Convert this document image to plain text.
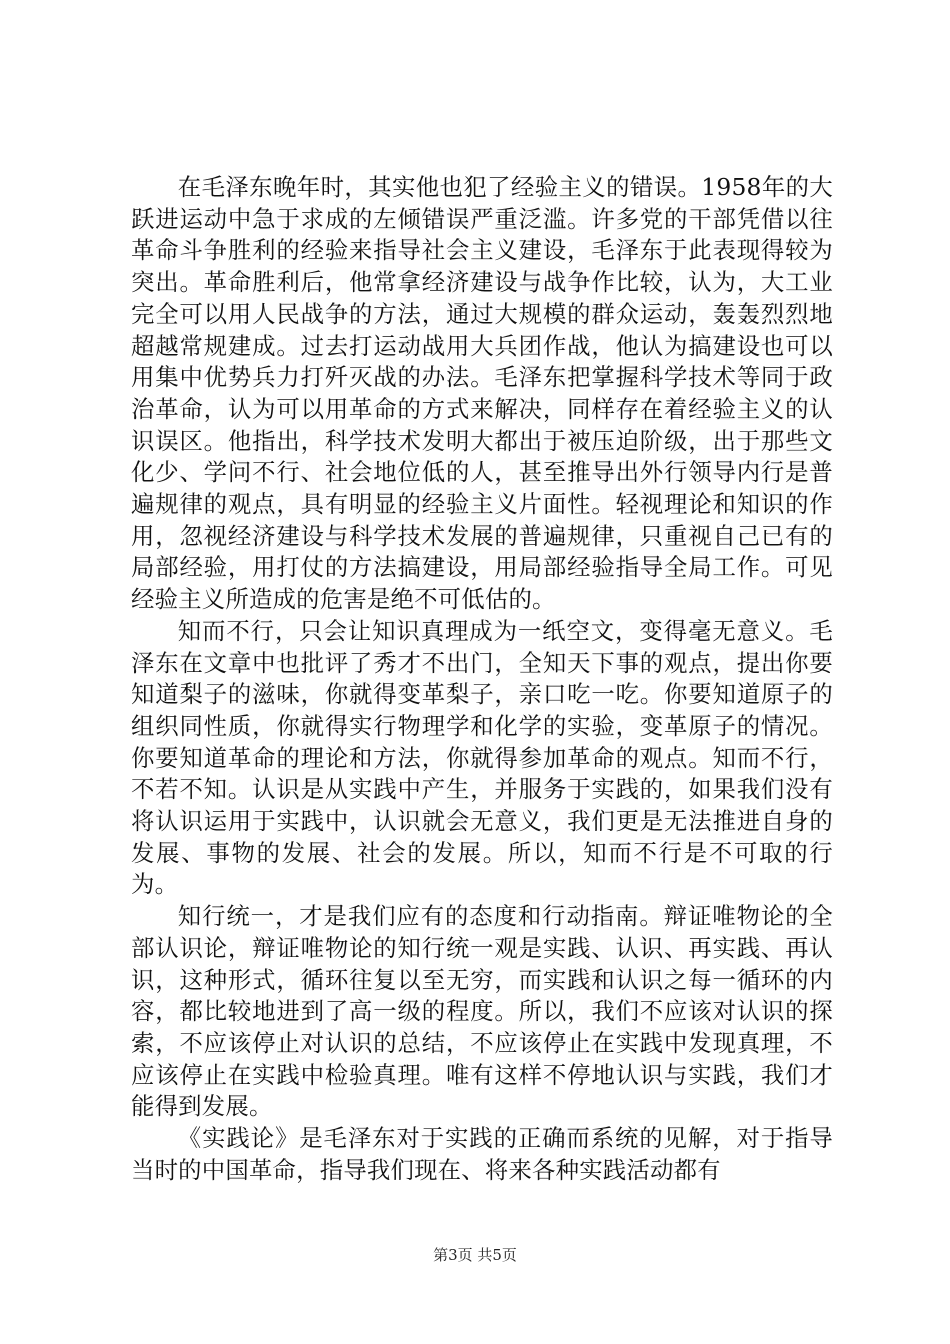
在毛泽东晚年时，其实他也犯了经验主义的错误。1958年的大跃进运动中急于求成的左倾错误严重泛滥。许多党的干部凭借以往革命斗争胜利的经验来指导社会主义建设，毛泽东于此表现得较为突出。革命胜利后，他常拿经济建设与战争作比较，认为，大工业完全可以用人民战争的方法，通过大规模的群众运动，轰轰烈烈地超越常规建成。过去打运动战用大兵团作战，他认为搞建设也可以用集中优势兵力打歼灭战的办法。毛泽东把掌握科学技术等同于政治革命，认为可以用革命的方式来解决，同样存在着经验主义的认识误区。他指出，科学技术发明大都出于被压迫阶级，出于那些文化少、学问不行、社会地位低的人，甚至推导出外行领导内行是普遍规律的观点，具有明显的经验主义片面性。轻视理论和知识的作用，忽视经济建设与科学技术发展的普遍规律，只重视自己已有的局部经验，用打仗的方法搞建设，用局部经验指导全局工作。可见经验主义所造成的危害是绝不可低估的。

知而不行，只会让知识真理成为一纸空文，变得毫无意义。毛泽东在文章中也批评了秀才不出门，全知天下事的观点，提出你要知道梨子的滋味，你就得变革梨子，亲口吃一吃。你要知道原子的组织同性质，你就得实行物理学和化学的实验，变革原子的情况。你要知道革命的理论和方法，你就得参加革命的观点。知而不行，不若不知。认识是从实践中产生，并服务于实践的，如果我们没有将认识运用于实践中，认识就会无意义，我们更是无法推进自身的发展、事物的发展、社会的发展。所以，知而不行是不可取的行为。

知行统一，才是我们应有的态度和行动指南。辩证唯物论的全部认识论，辩证唯物论的知行统一观是实践、认识、再实践、再认识，这种形式，循环往复以至无穷，而实践和认识之每一循环的内容，都比较地进到了高一级的程度。所以，我们不应该对认识的探索，不应该停止对认识的总结，不应该停止在实践中发现真理，不应该停止在实践中检验真理。唯有这样不停地认识与实践，我们才能得到发展。

《实践论》是毛泽东对于实践的正确而系统的见解，对于指导当时的中国革命，指导我们现在、将来各种实践活动都有

第3页 共5页
